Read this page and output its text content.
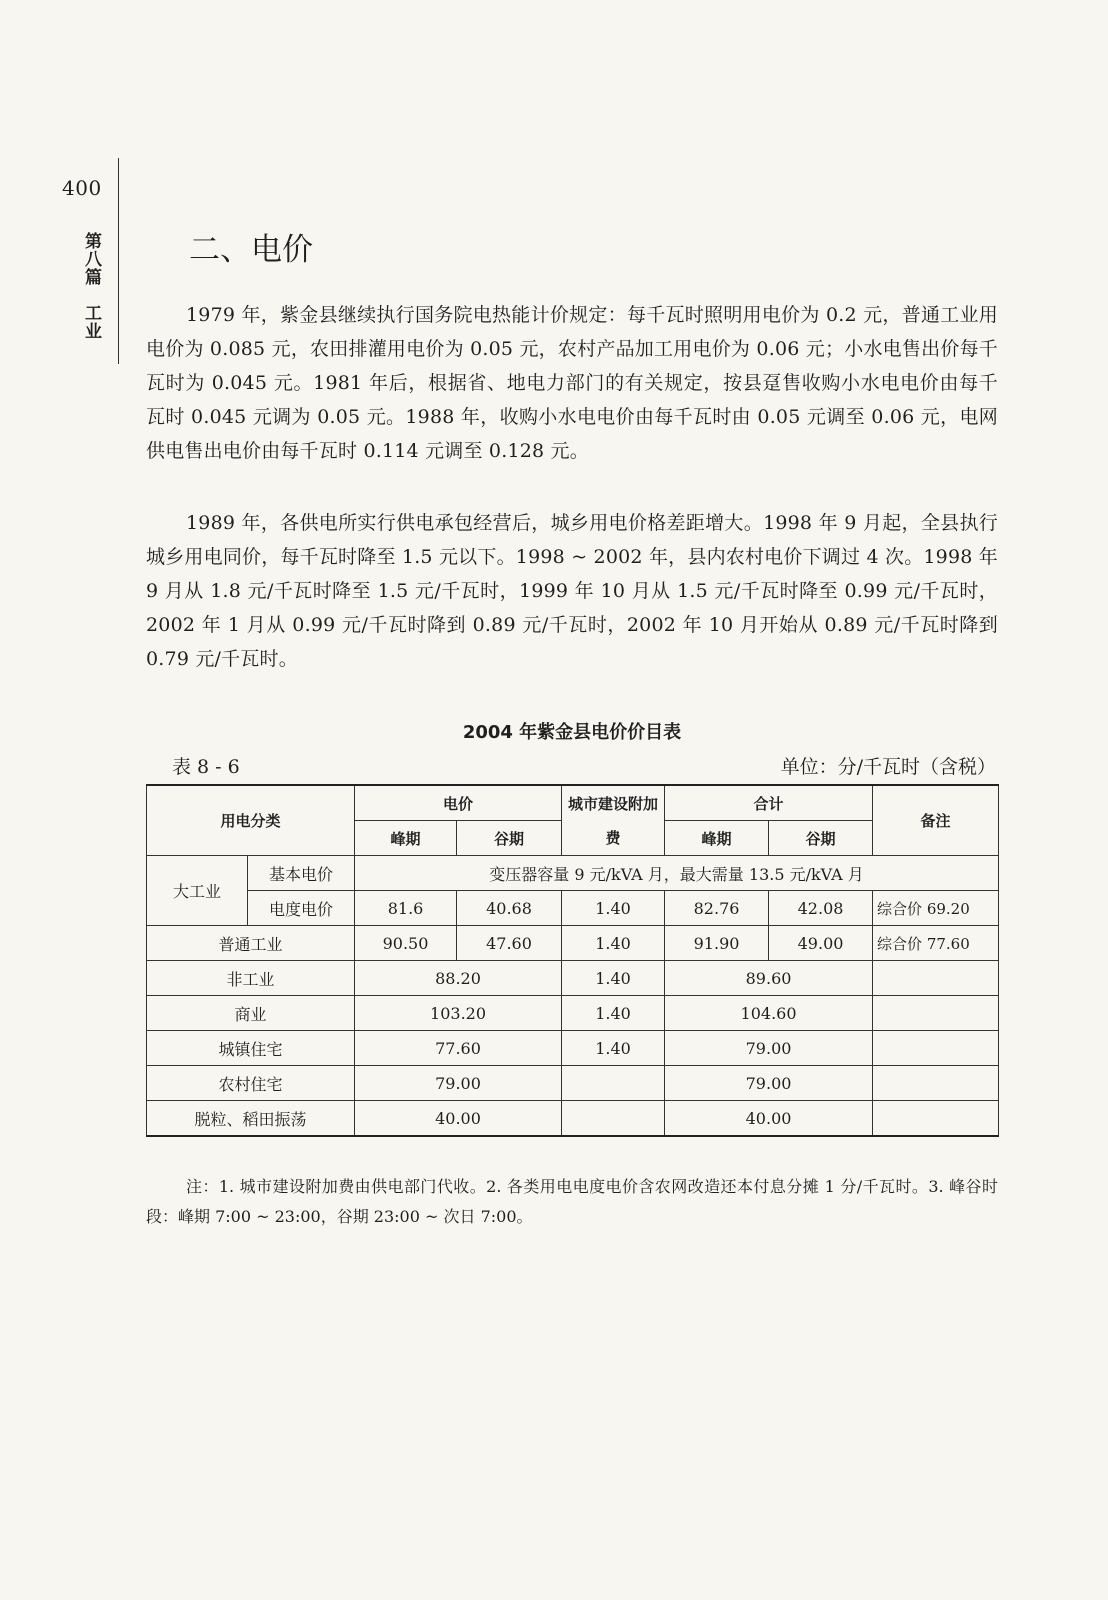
400
第八篇　工业	二、电价

1979 年，紫金县继续执行国务院电热能计价规定：每千瓦时照明用电价为 0.2 元，普通工业用电价为 0.085 元，农田排灌用电价为 0.05 元，农村产品加工用电价为 0.06 元；小水电售出价每千瓦时为 0.045 元。1981 年后，根据省、地电力部门的有关规定，按县趸售收购小水电电价由每千瓦时 0.045 元调为 0.05 元。1988 年，收购小水电电价由每千瓦时由 0.05 元调至 0.06 元，电网供电售出电价由每千瓦时 0.114 元调至 0.128 元。

1989 年，各供电所实行供电承包经营后，城乡用电价格差距增大。1998 年 9 月起，全县执行城乡用电同价，每千瓦时降至 1.5 元以下。1998 ~ 2002 年，县内农村电价下调过 4 次。1998 年 9 月从 1.8 元/千瓦时降至 1.5 元/千瓦时，1999 年 10 月从 1.5 元/千瓦时降至 0.99 元/千瓦时，2002 年 1 月从 0.99 元/千瓦时降到 0.89 元/千瓦时，2002 年 10 月开始从 0.89 元/千瓦时降到 0.79 元/千瓦时。

2004 年紫金县电价价目表
表 8 - 6	单位：分/千瓦时（含税）
用电分类		电价		城市建设附加费	合计		备注
		峰期	谷期		峰期	谷期	
大工业	基本电价	变压器容量 9 元/kVA 月，最大需量 13.5 元/kVA 月					
	电度电价	81.6	40.68	1.40	82.76	42.08	综合价 69.20
普通工业		90.50	47.60	1.40	91.90	49.00	综合价 77.60
非工业		88.20		1.40	89.60		
商业		103.20		1.40	104.60		
城镇住宅		77.60		1.40	79.00		
农村住宅		79.00			79.00		
脱粒、稻田振荡		40.00			40.00		

注：1. 城市建设附加费由供电部门代收。2. 各类用电电度电价含农网改造还本付息分摊 1 分/千瓦时。3. 峰谷时段：峰期 7:00 ~ 23:00，谷期 23:00 ~ 次日 7:00。
